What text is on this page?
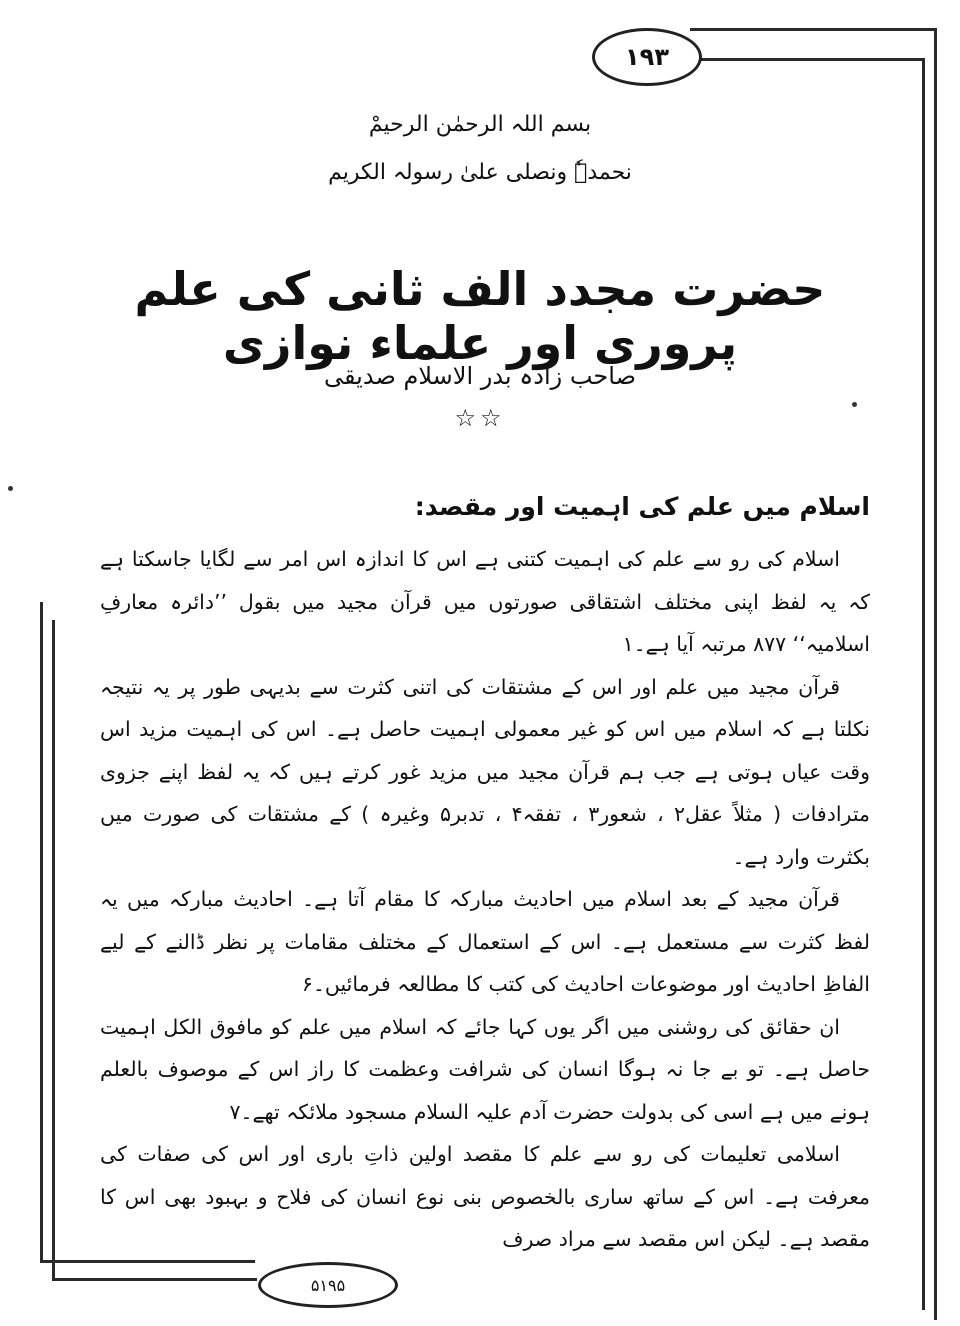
۱۹۳
۵۱۹۵
بسم اللہ الرحمٰن الرحیمْ
نحمدہٗ ونصلی علیٰ رسولہ الکریم
حضرت مجدد الف ثانی کی علم پروری اور علماء نوازی
صاحب زادہ بدر الاسلام صدیقی
☆☆
اسلام میں علم کی اہمیت اور مقصد:

اسلام کی رو سے علم کی اہمیت کتنی ہے اس کا اندازہ اس امر سے لگایا جاسکتا ہے کہ یہ لفظ اپنی مختلف اشتقاقی صورتوں میں قرآن مجید میں بقول ’’دائرہ معارفِ اسلامیہ‘‘ ۸۷۷ مرتبہ آیا ہے۔۱

قرآن مجید میں علم اور اس کے مشتقات کی اتنی کثرت سے بدیہی طور پر یہ نتیجہ نکلتا ہے کہ اسلام میں اس کو غیر معمولی اہمیت حاصل ہے۔ اس کی اہمیت مزید اس وقت عیاں ہوتی ہے جب ہم قرآن مجید میں مزید غور کرتے ہیں کہ یہ لفظ اپنے جزوی مترادفات ( مثلاً عقل۲ ، شعور۳ ، تفقہ۴ ، تدبر۵ وغیرہ ) کے مشتقات کی صورت میں بکثرت وارد ہے۔

قرآن مجید کے بعد اسلام میں احادیث مبارکہ کا مقام آتا ہے۔ احادیث مبارکہ میں یہ لفظ کثرت سے مستعمل ہے۔ اس کے استعمال کے مختلف مقامات پر نظر ڈالنے کے لیے الفاظِ احادیث اور موضوعات احادیث کی کتب کا مطالعہ فرمائیں۔۶

ان حقائق کی روشنی میں اگر یوں کہا جائے کہ اسلام میں علم کو مافوق الکل اہمیت حاصل ہے۔ تو بے جا نہ ہوگا انسان کی شرافت وعظمت کا راز اس کے موصوف بالعلم ہونے میں ہے اسی کی بدولت حضرت آدم علیہ السلام مسجود ملائکہ تھے۔۷

اسلامی تعلیمات کی رو سے علم کا مقصد اولین ذاتِ باری اور اس کی صفات کی معرفت ہے۔ اس کے ساتھ ساری بالخصوص بنی نوع انسان کی فلاح و بہبود بھی اس کا مقصد ہے۔ لیکن اس مقصد سے مراد صرف
